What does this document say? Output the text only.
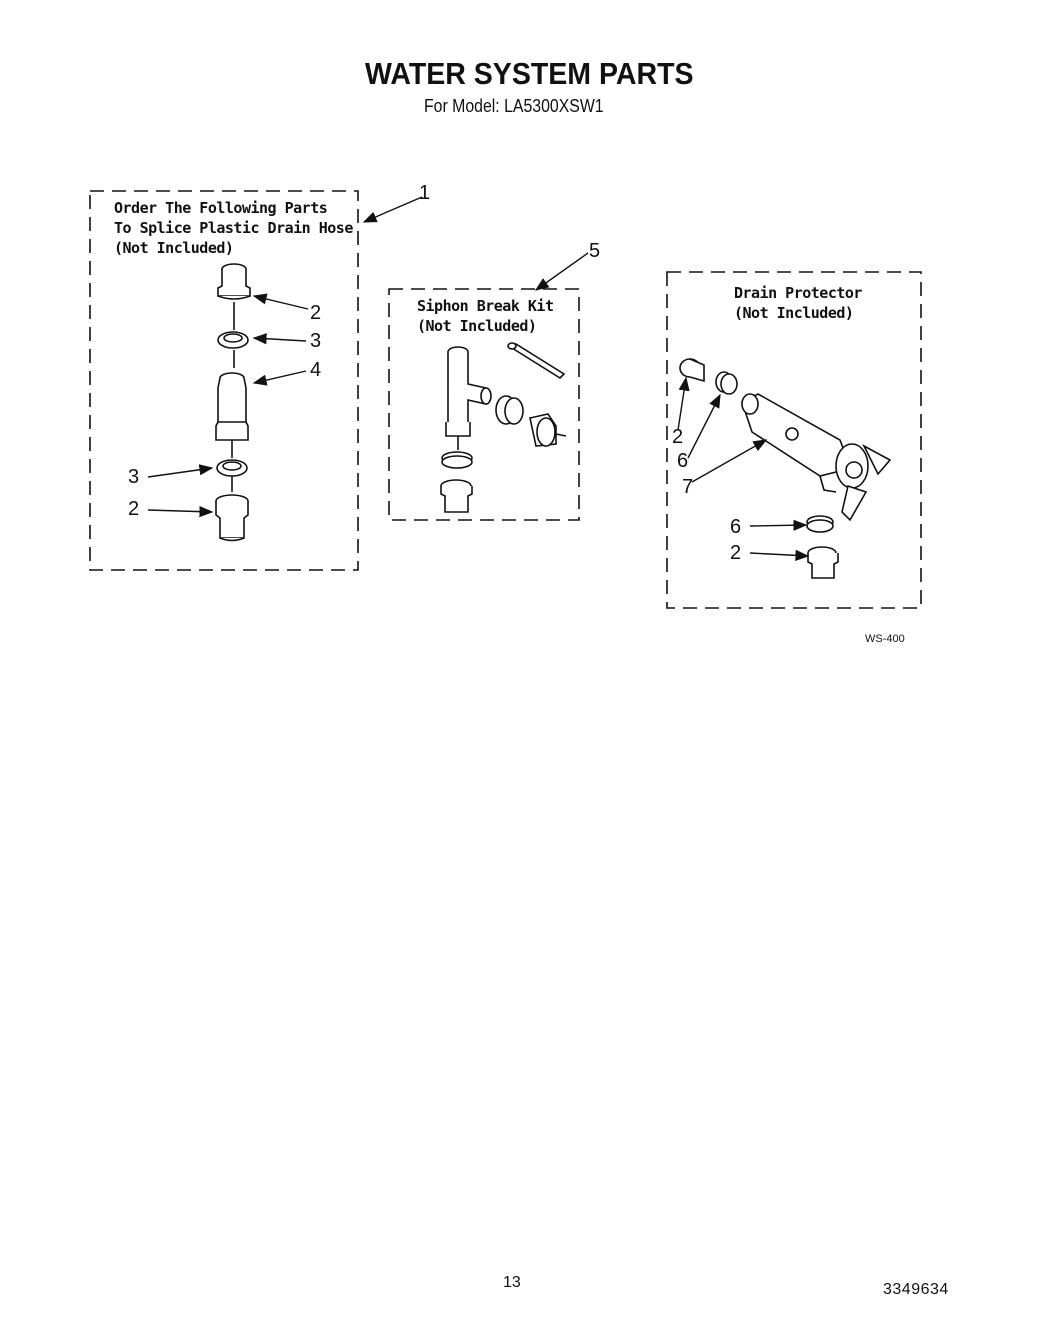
WATER SYSTEM PARTS
For Model: LA5300XSW1
Order The Following Parts
To Splice Plastic Drain Hose
(Not Included)
Siphon Break Kit
(Not Included)
Drain Protector
(Not Included)
1
2
3
4
3
2
5
2
6
7
6
2
WS-400
13	3349634
